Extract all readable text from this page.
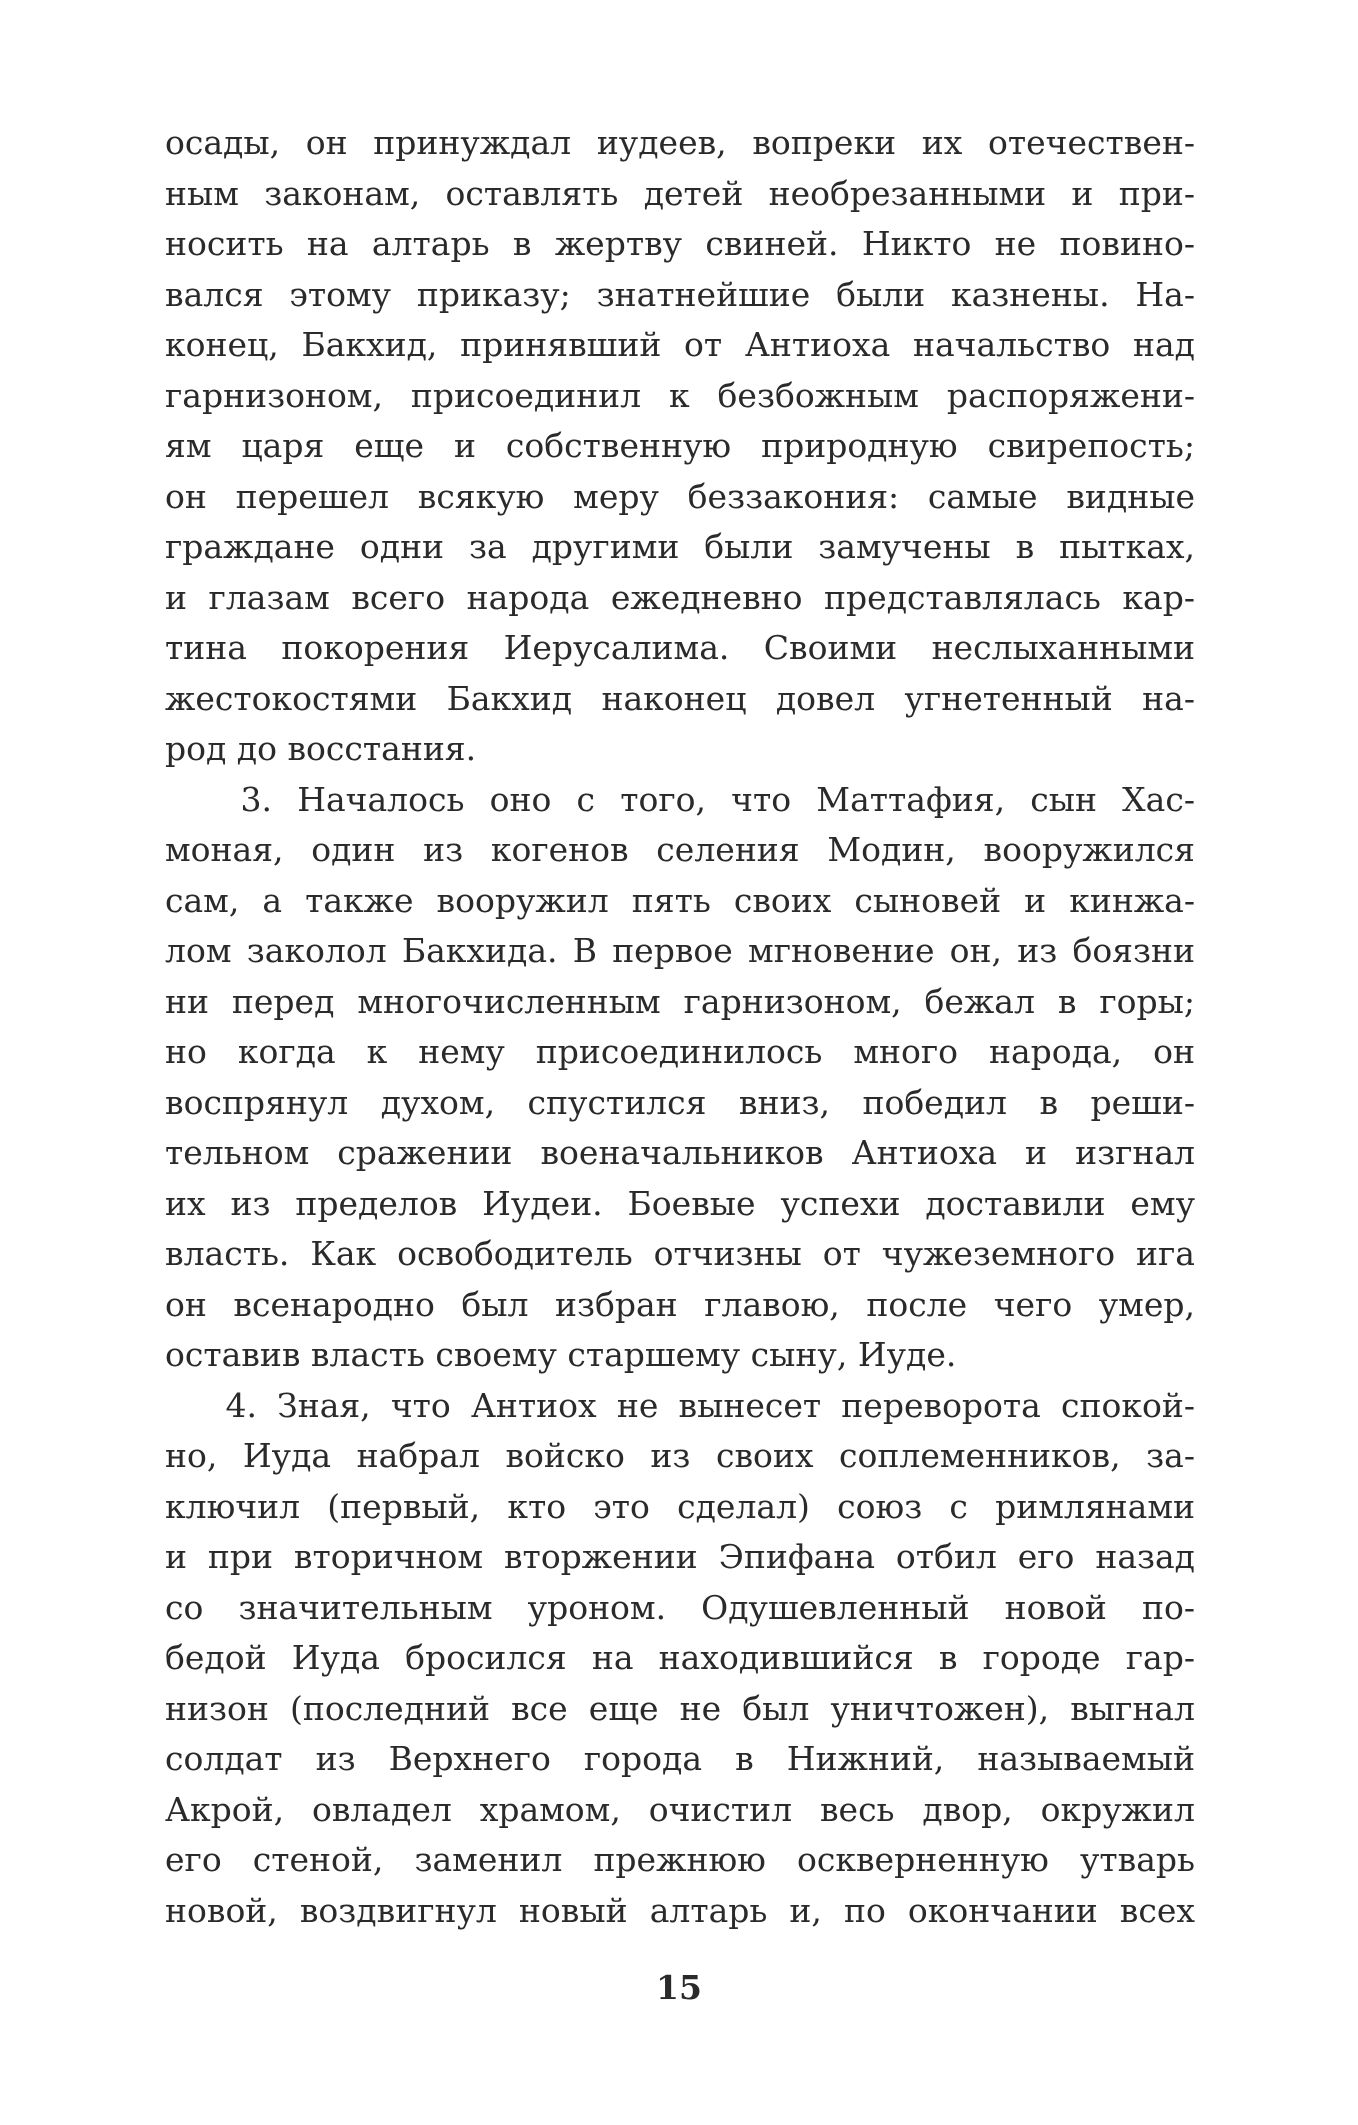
осады, он принуждал иудеев, вопреки их отечествен-
ным законам, оставлять детей необрезанными и при-
носить на алтарь в жертву свиней. Никто не повино-
вался этому приказу; знатнейшие были казнены. На-
конец, Бакхид, принявший от Антиоха начальство над
гарнизоном, присоединил к безбожным распоряжени-
ям царя еще и собственную природную свирепость;
он перешел всякую меру беззакония: самые видные
граждане одни за другими были замучены в пытках,
и глазам всего народа ежедневно представлялась кар-
тина покорения Иерусалима. Своими неслыханными
жестокостями Бакхид наконец довел угнетенный на-
род до восстания.
3. Началось оно с того, что Маттафия, сын Хас-
моная, один из когенов селения Модин, вооружился
сам, а также вооружил пять своих сыновей и кинжа-
лом заколол Бакхида. В первое мгновение он, из боязни
ни перед многочисленным гарнизоном, бежал в горы;
но когда к нему присоединилось много народа, он
воспрянул духом, спустился вниз, победил в реши-
тельном сражении военачальников Антиоха и изгнал
их из пределов Иудеи. Боевые успехи доставили ему
власть. Как освободитель отчизны от чужеземного ига
он всенародно был избран главою, после чего умер,
оставив власть своему старшему сыну, Иуде.
4. Зная, что Антиох не вынесет переворота спокой-
но, Иуда набрал войско из своих соплеменников, за-
ключил (первый, кто это сделал) союз с римлянами
и при вторичном вторжении Эпифана отбил его назад
со значительным уроном. Одушевленный новой по-
бедой Иуда бросился на находившийся в городе гар-
низон (последний все еще не был уничтожен), выгнал
солдат из Верхнего города в Нижний, называемый
Акрой, овладел храмом, очистил весь двор, окружил
его стеной, заменил прежнюю оскверненную утварь
новой, воздвигнул новый алтарь и, по окончании всех
15
